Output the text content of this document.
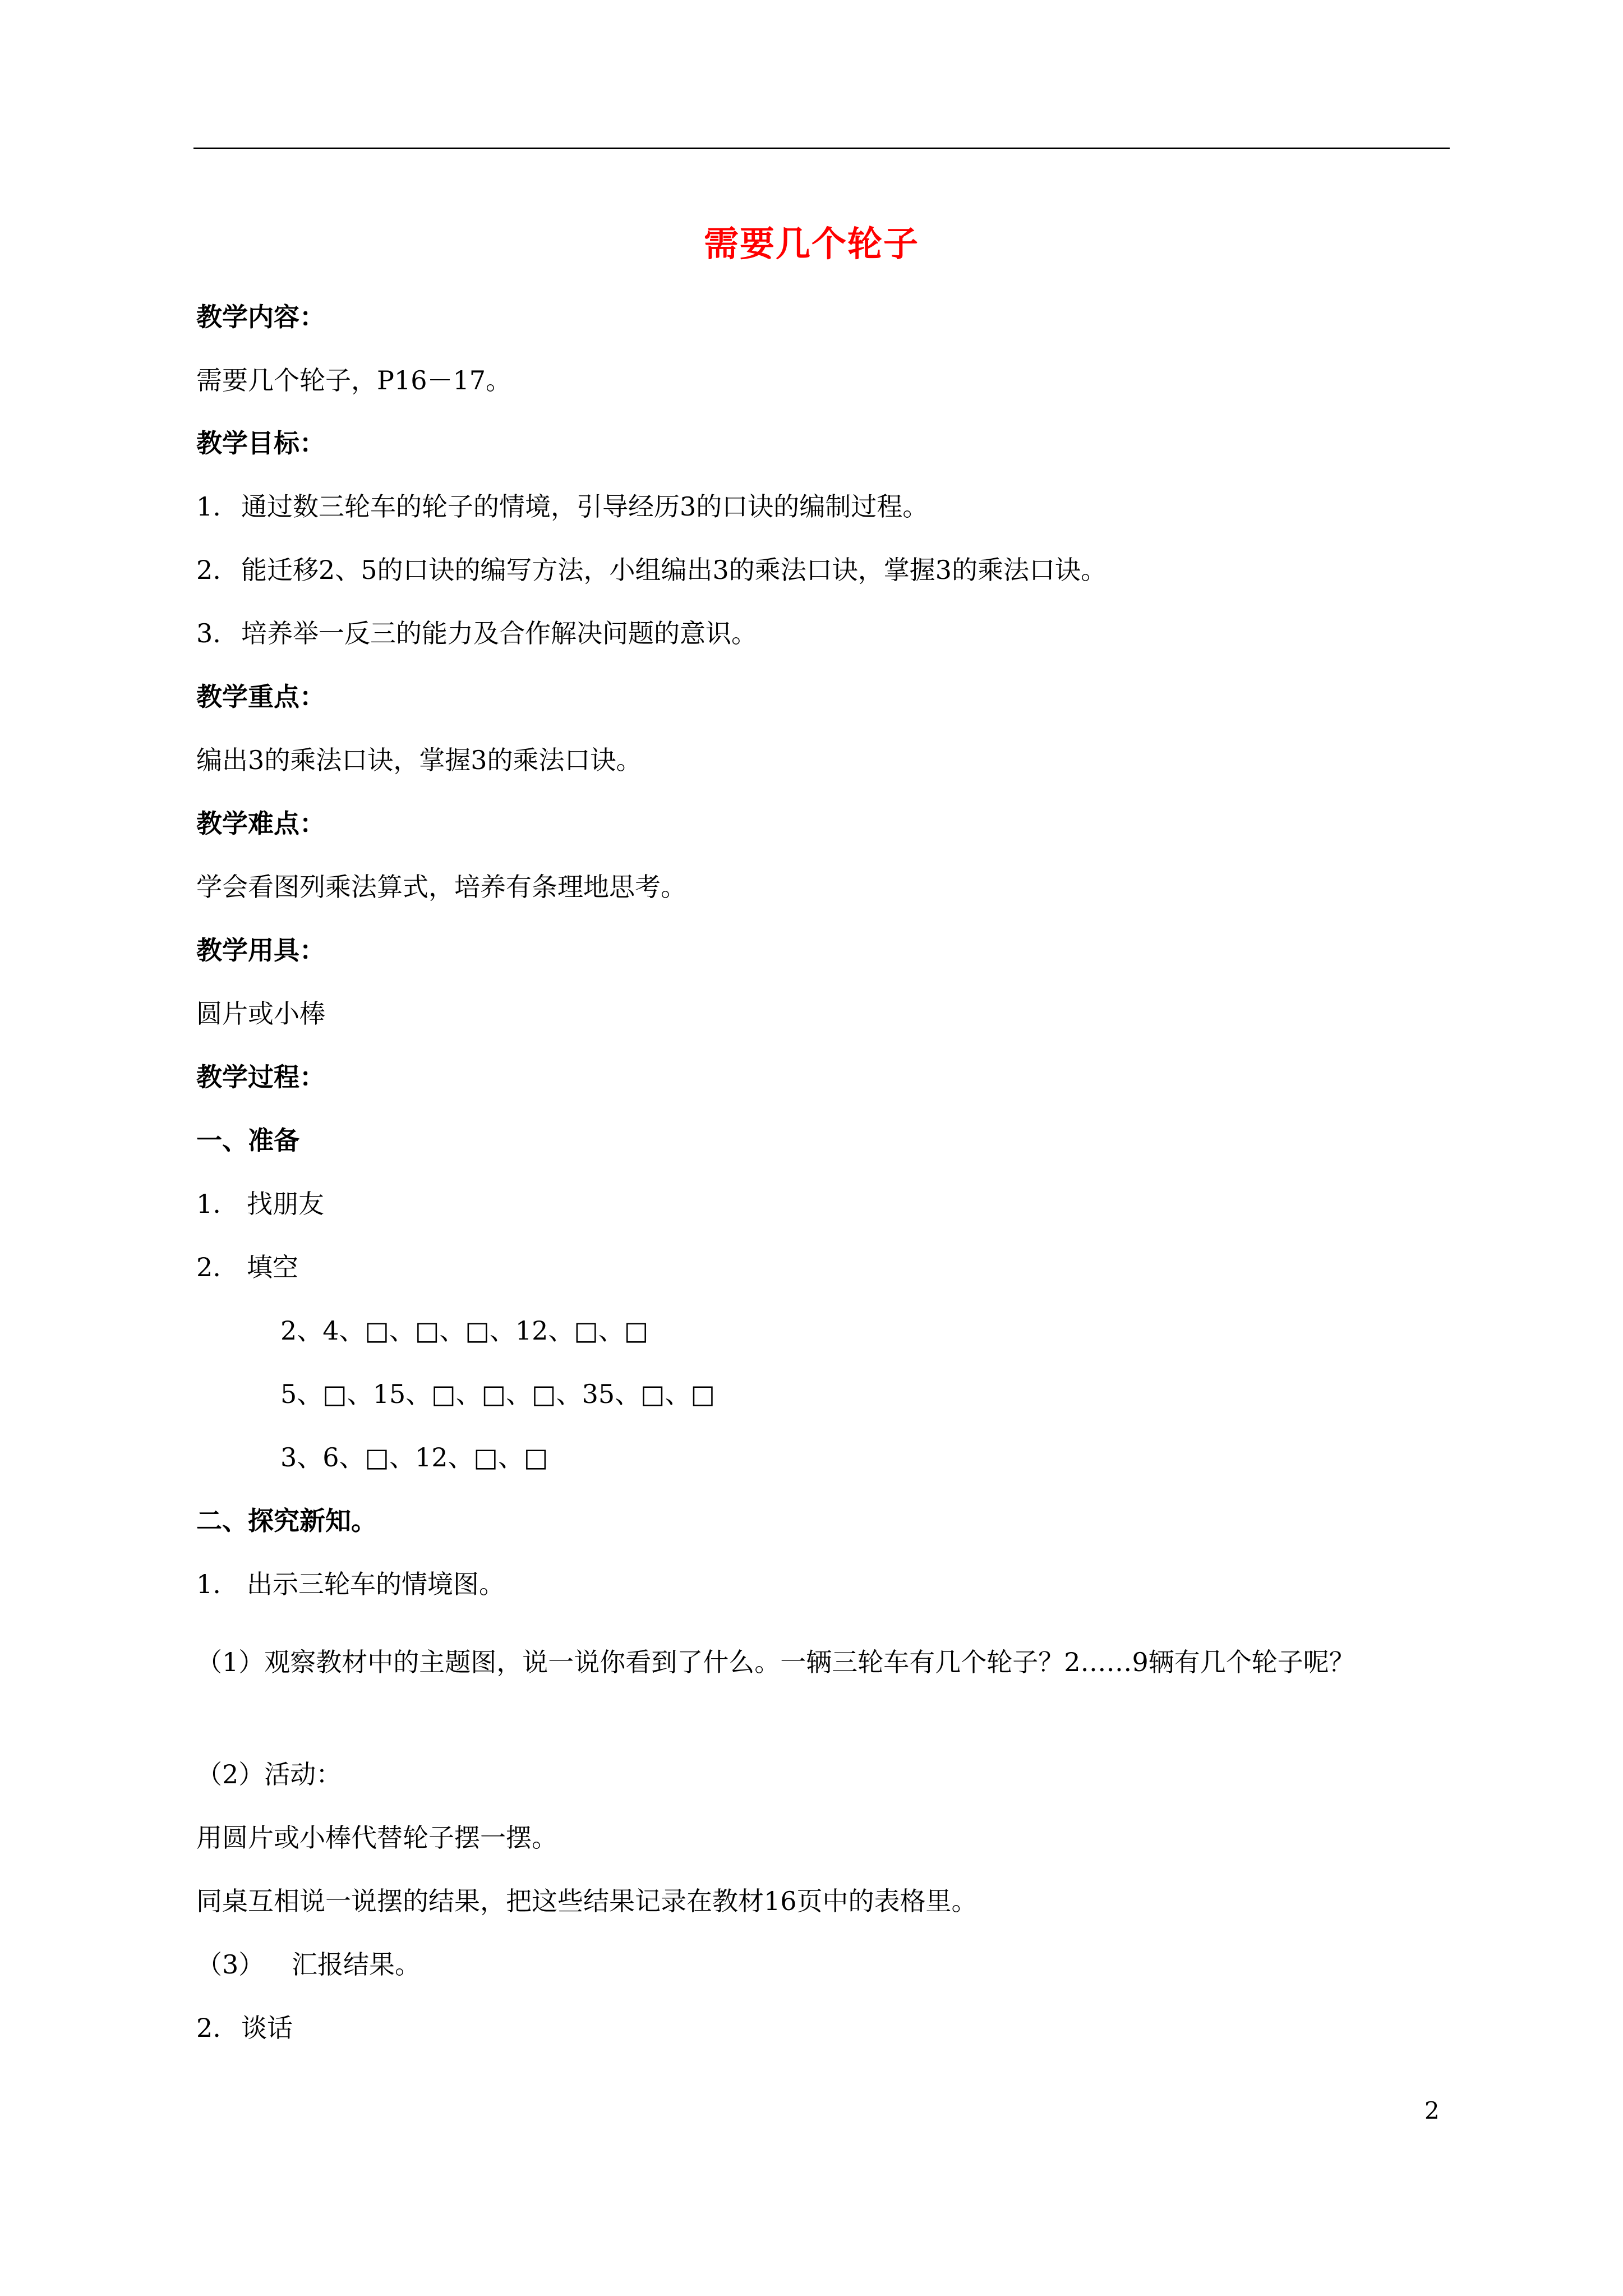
需要几个轮子
教学内容：
需要几个轮子，P16－17。
教学目标：
1. 通过数三轮车的轮子的情境，引导经历3的口诀的编制过程。
2. 能迁移2、5的口诀的编写方法，小组编出3的乘法口诀，掌握3的乘法口诀。
3. 培养举一反三的能力及合作解决问题的意识。
教学重点：
编出3的乘法口诀，掌握3的乘法口诀。
教学难点：
学会看图列乘法算式，培养有条理地思考。
教学用具：
圆片或小棒
教学过程：
一、准备
1. 找朋友
2. 填空
2、4、□、□、□、12、□、□
5、□、15、□、□、□、35、□、□
3、6、□、12、□、□
二、探究新知。
1. 出示三轮车的情境图。
（1）观察教材中的主题图，说一说你看到了什么。一辆三轮车有几个轮子？2……9辆有几个轮子呢？
（2）活动：
用圆片或小棒代替轮子摆一摆。
同桌互相说一说摆的结果，把这些结果记录在教材16页中的表格里。
（3） 汇报结果。
2. 谈话
2
